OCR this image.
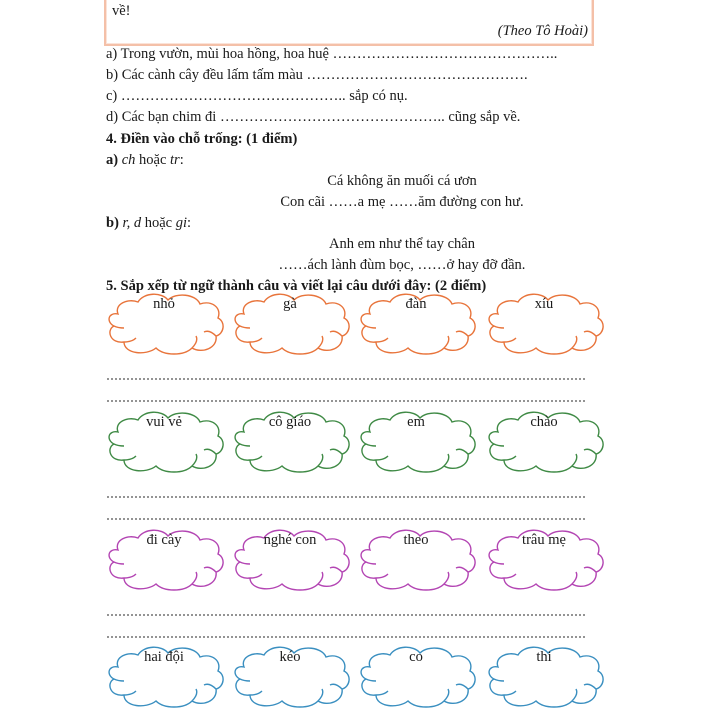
về!
(Theo Tô Hoài)
a) Trong vườn, mùi hoa hồng, hoa huệ ………………………………………..
b) Các cành cây đều lấm tấm màu ……………………………………….
c) ……………………………………….. sắp có nụ.
d) Các bạn chim đi ……………………………………….. cũng sắp về.
4. Điền vào chỗ trống: (1 điểm)
a) ch hoặc tr:
Cá không ăn muối cá ươn
Con cãi ……a mẹ ……ăm đường con hư.
b) r, d hoặc gi:
Anh em như thể tay chân
……ách lành đùm bọc, ……ở hay đỡ đần.
nhỏ	gà	đàn	xíu
vui vẻ	cô giáo	em	chào
đi cày	nghé con	theo	trâu mẹ
hai đội	kéo	co	thi
5. Sắp xếp từ ngữ thành câu và viết lại câu dưới đây: (2 điểm)
